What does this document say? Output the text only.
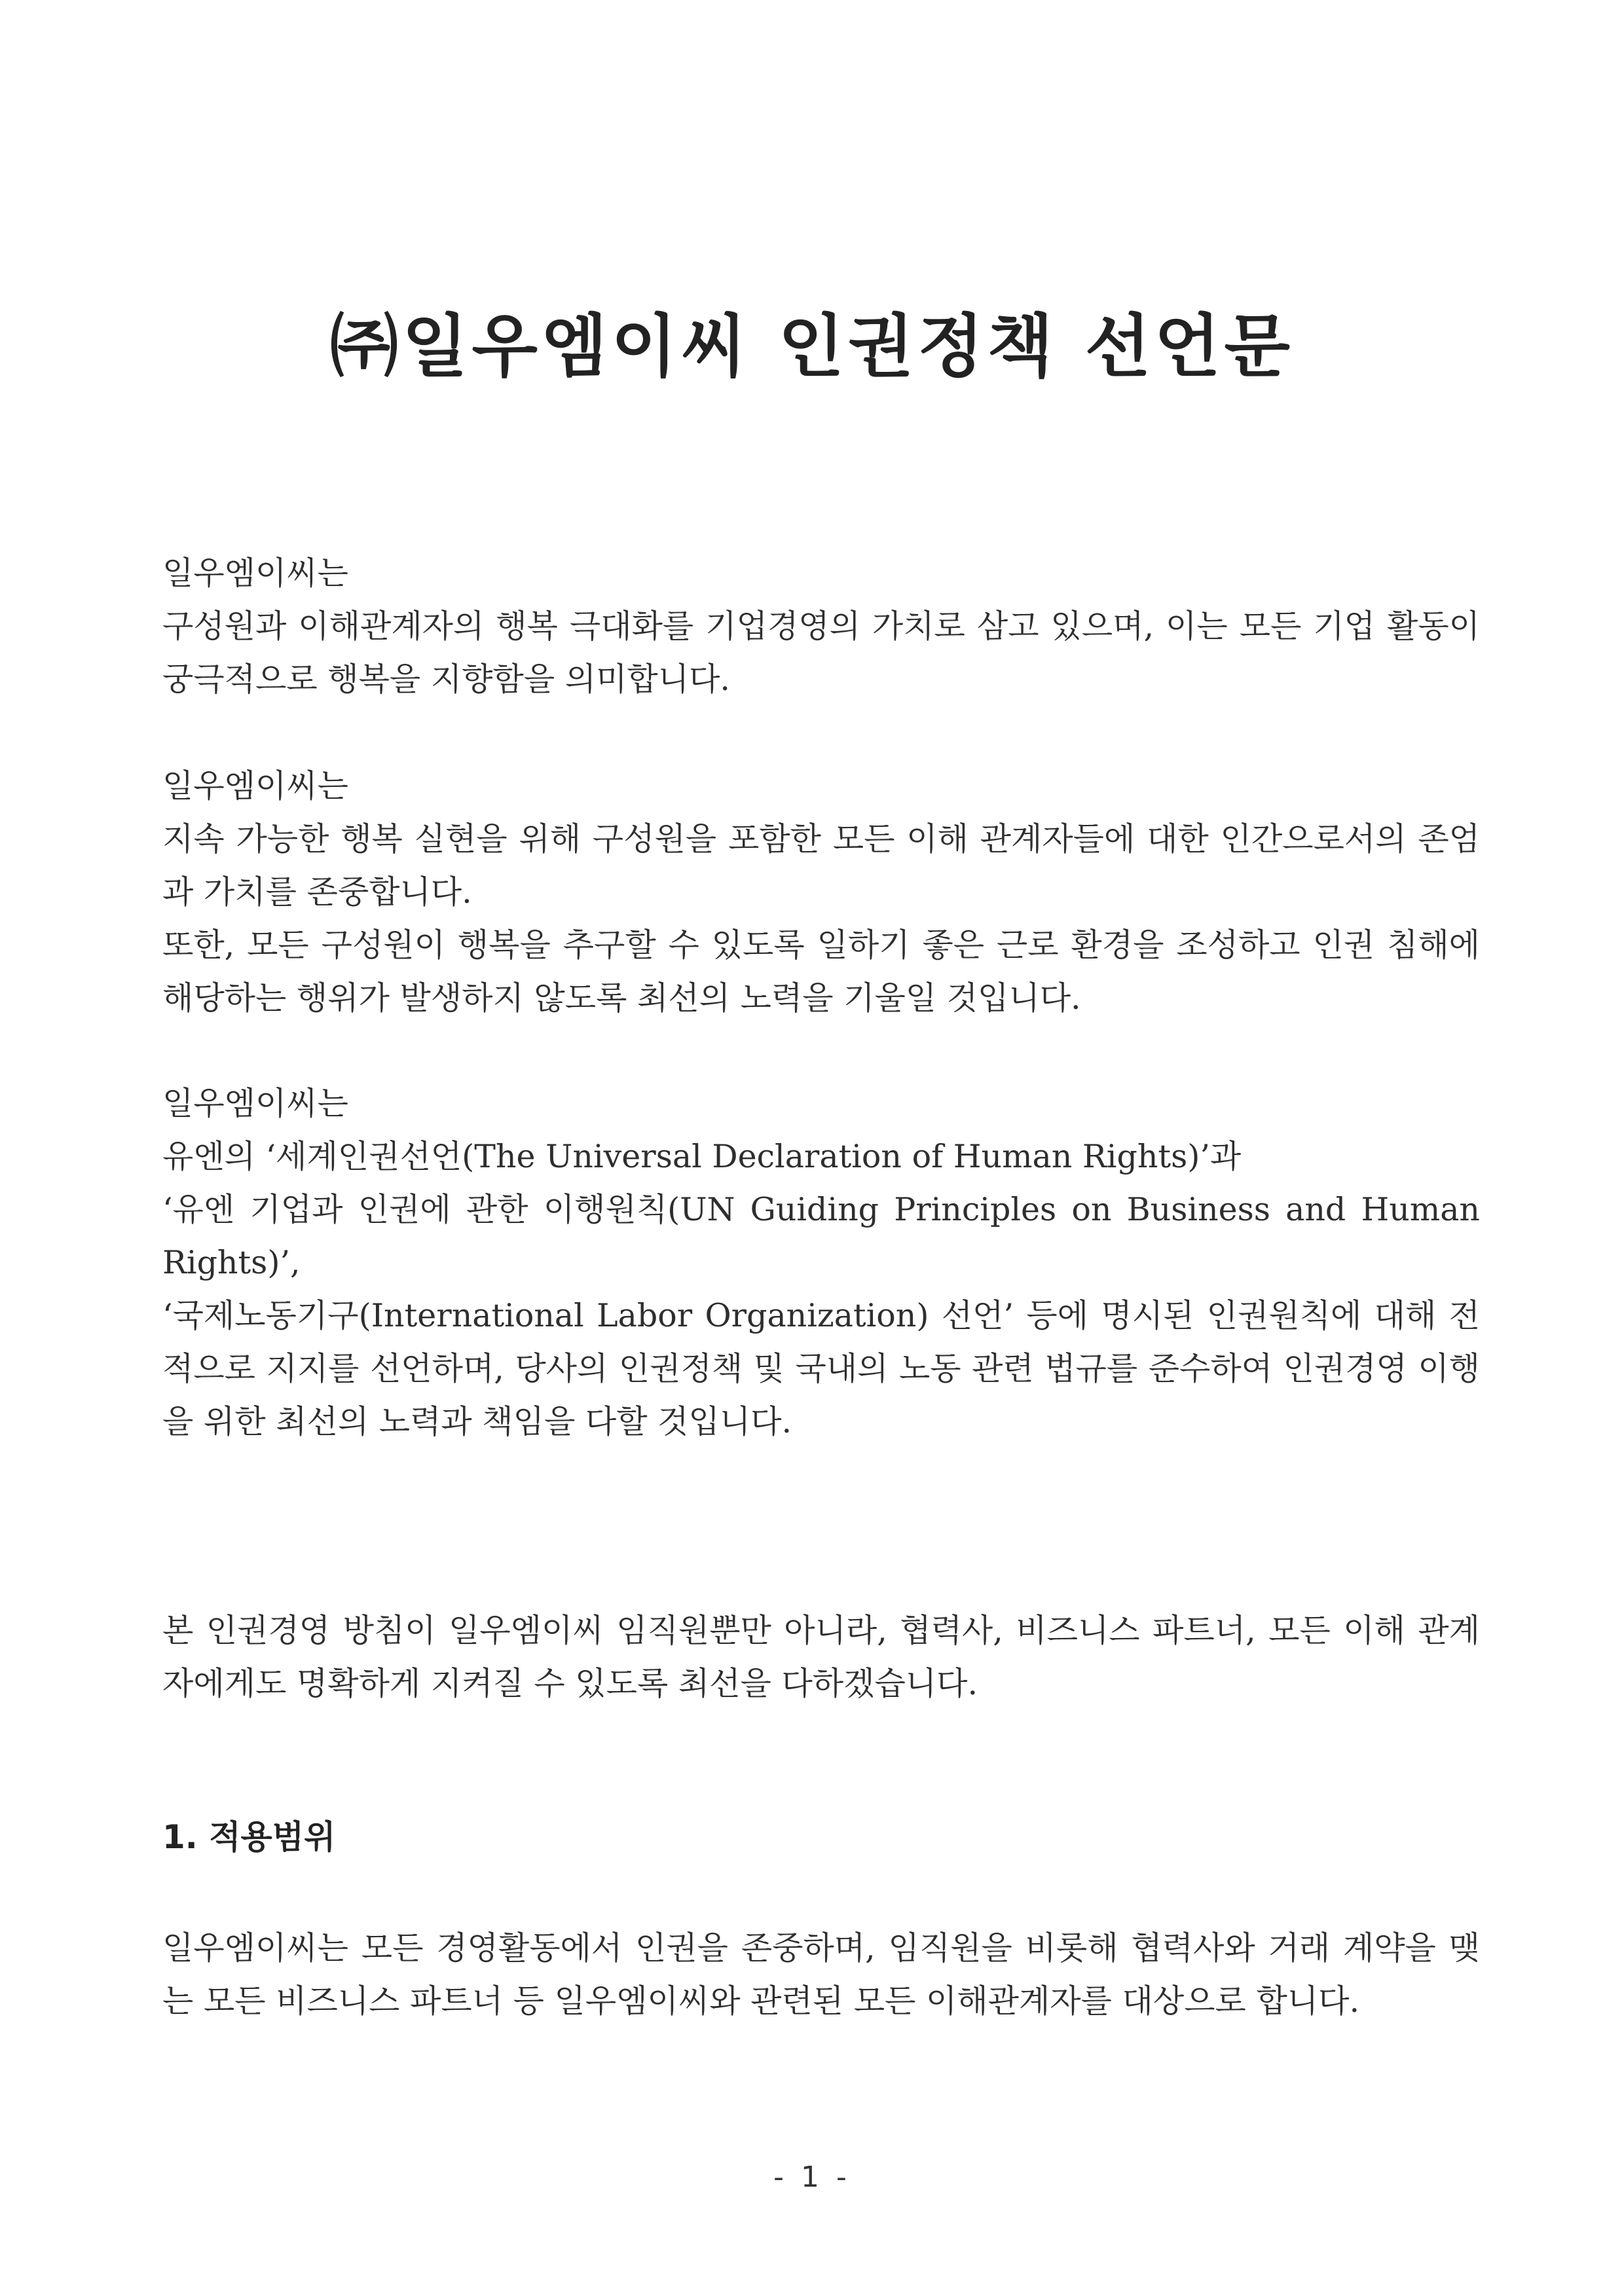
㈜일우엠이씨 인권정책 선언문

일우엠이씨는

구성원과 이해관계자의 행복 극대화를 기업경영의 가치로 삼고 있으며, 이는 모든 기업 활동이 궁극적으로 행복을 지향함을 의미합니다.

일우엠이씨는

지속 가능한 행복 실현을 위해 구성원을 포함한 모든 이해 관계자들에 대한 인간으로서의 존엄과 가치를 존중합니다.

또한, 모든 구성원이 행복을 추구할 수 있도록 일하기 좋은 근로 환경을 조성하고 인권 침해에 해당하는 행위가 발생하지 않도록 최선의 노력을 기울일 것입니다.

일우엠이씨는

유엔의 ‘세계인권선언(The Universal Declaration of Human Rights)’과

‘유엔 기업과 인권에 관한 이행원칙(UN Guiding Principles on Business and Human Rights)’,

‘국제노동기구(International Labor Organization) 선언’ 등에 명시된 인권원칙에 대해 전적으로 지지를 선언하며, 당사의 인권정책 및 국내의 노동 관련 법규를 준수하여 인권경영 이행을 위한 최선의 노력과 책임을 다할 것입니다.

본 인권경영 방침이 일우엠이씨 임직원뿐만 아니라, 협력사, 비즈니스 파트너, 모든 이해 관계자에게도 명확하게 지켜질 수 있도록 최선을 다하겠습니다.

1. 적용범위

일우엠이씨는 모든 경영활동에서 인권을 존중하며, 임직원을 비롯해 협력사와 거래 계약을 맺는 모든 비즈니스 파트너 등 일우엠이씨와 관련된 모든 이해관계자를 대상으로 합니다.

- 1 -
